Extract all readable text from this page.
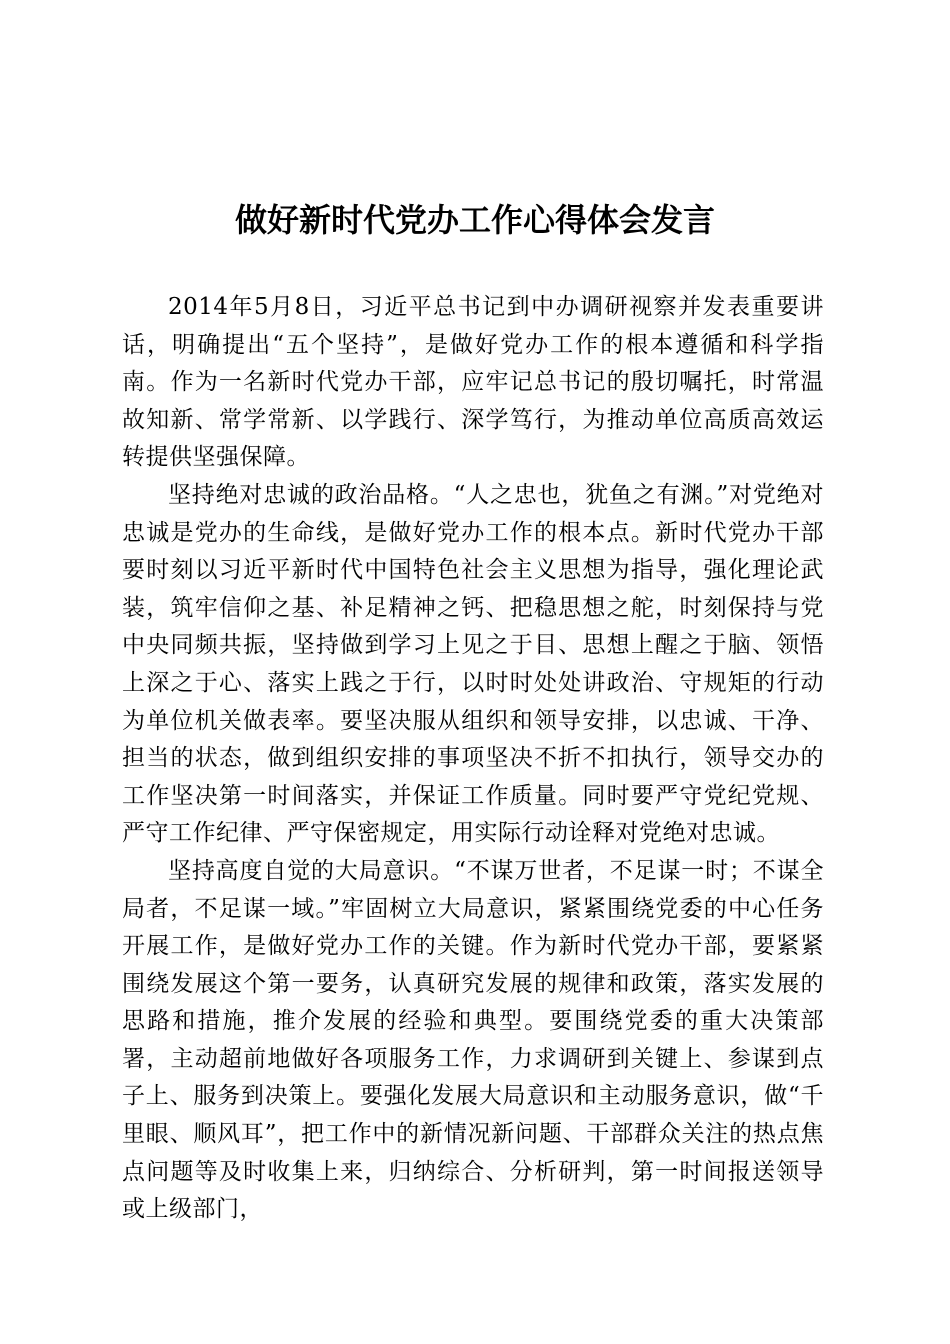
做好新时代党办工作心得体会发言

2014年5月8日，习近平总书记到中办调研视察并发表重要讲话，明确提出“五个坚持”，是做好党办工作的根本遵循和科学指南。作为一名新时代党办干部，应牢记总书记的殷切嘱托，时常温故知新、常学常新、以学践行、深学笃行，为推动单位高质高效运转提供坚强保障。

坚持绝对忠诚的政治品格。“人之忠也，犹鱼之有渊。”对党绝对忠诚是党办的生命线，是做好党办工作的根本点。新时代党办干部要时刻以习近平新时代中国特色社会主义思想为指导，强化理论武装，筑牢信仰之基、补足精神之钙、把稳思想之舵，时刻保持与党中央同频共振，坚持做到学习上见之于目、思想上醒之于脑、领悟上深之于心、落实上践之于行，以时时处处讲政治、守规矩的行动为单位机关做表率。要坚决服从组织和领导安排，以忠诚、干净、担当的状态，做到组织安排的事项坚决不折不扣执行，领导交办的工作坚决第一时间落实，并保证工作质量。同时要严守党纪党规、严守工作纪律、严守保密规定，用实际行动诠释对党绝对忠诚。

坚持高度自觉的大局意识。“不谋万世者，不足谋一时；不谋全局者，不足谋一域。”牢固树立大局意识，紧紧围绕党委的中心任务开展工作，是做好党办工作的关键。作为新时代党办干部，要紧紧围绕发展这个第一要务，认真研究发展的规律和政策，落实发展的思路和措施，推介发展的经验和典型。要围绕党委的重大决策部署，主动超前地做好各项服务工作，力求调研到关键上、参谋到点子上、服务到决策上。要强化发展大局意识和主动服务意识，做“千里眼、顺风耳”，把工作中的新情况新问题、干部群众关注的热点焦点问题等及时收集上来，归纳综合、分析研判，第一时间报送领导或上级部门，
